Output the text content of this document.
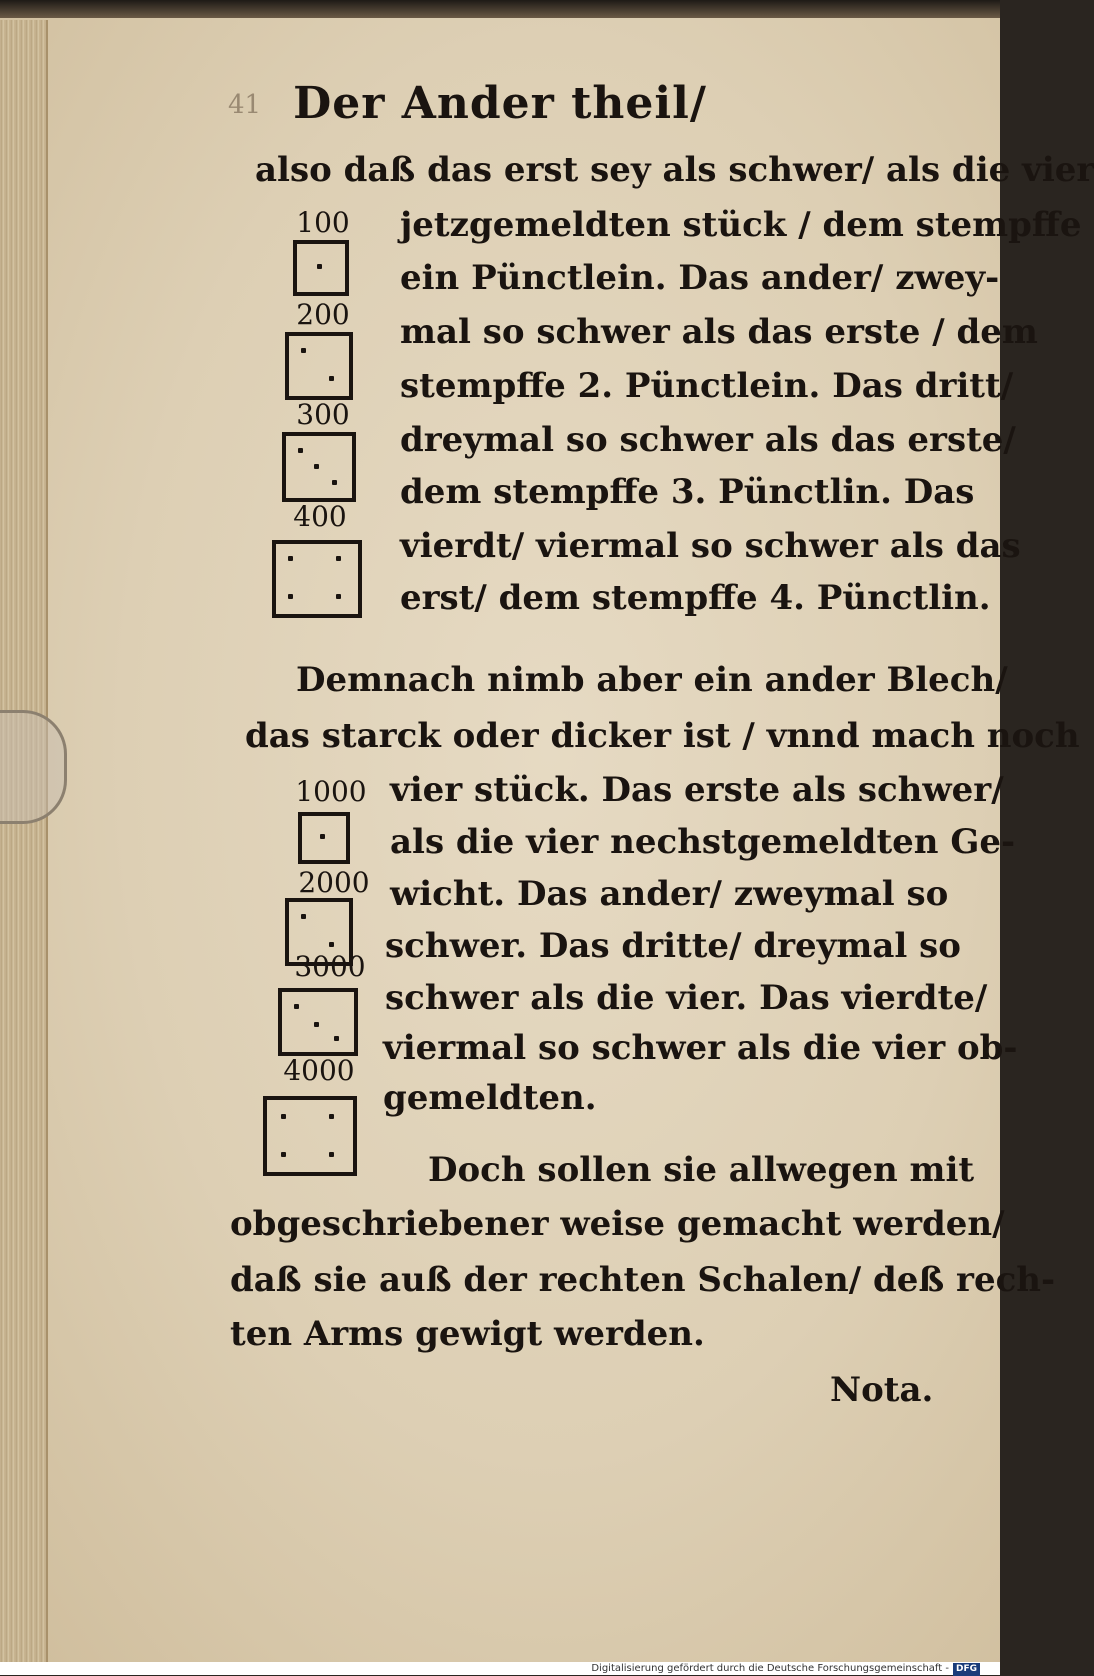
41 Der Ander theil/
also daß das erst sey als schwer/ als die vier
jetzgemeldten stück / dem stempffe
ein Pünctlein. Das ander/ zwey-
mal so schwer als das erste / dem
stempffe 2. Pünctlein. Das dritt/
dreymal so schwer als das erste/
dem stempffe 3. Pünctlin. Das
vierdt/ viermal so schwer als das
erst/ dem stempffe 4. Pünctlin.
100
200
300
400
Demnach nimb aber ein ander Blech/
das starck oder dicker ist / vnnd mach noch
vier stück. Das erste als schwer/
als die vier nechstgemeldten Ge-
wicht. Das ander/ zweymal so
schwer. Das dritte/ dreymal so
schwer als die vier. Das vierdte/
viermal so schwer als die vier ob-
gemeldten.
1000
2000
3000
4000
Doch sollen sie allwegen mit
obgeschriebener weise gemacht werden/
daß sie auß der rechten Schalen/ deß rech-
ten Arms gewigt werden.
Nota.
Digitalisierung gefördert durch die Deutsche Forschungsgemeinschaft - DFG
